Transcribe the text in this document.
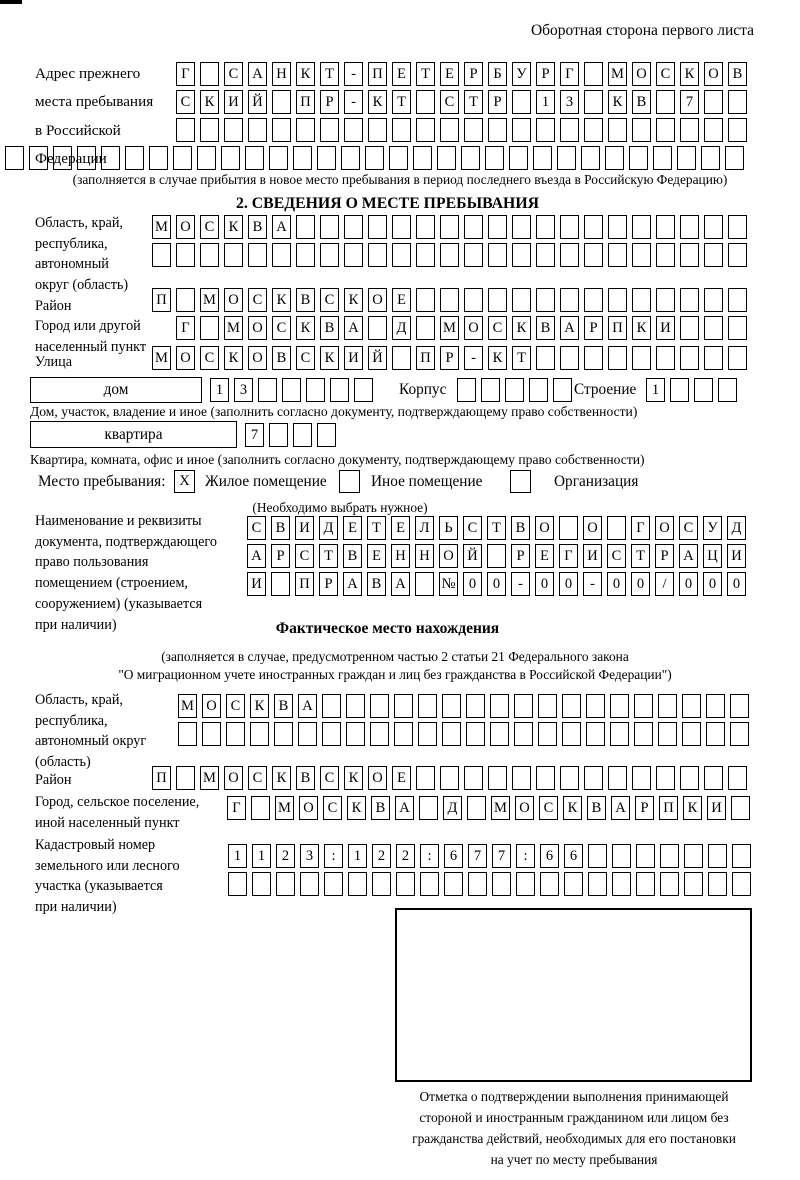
Оборотная сторона первого листа
Адрес прежнего
места пребывания
в Российской
Федерации
Г	С А Н К	Т	-	П Е	Т	Е	Р	Б	У	Р	Г	М О С К О В
С К И Й	П	Р	-	К	Т	С	Т	Р	1	3	К В	7
(заполняется в случае прибытия в новое место пребывания в период последнего въезда в Российскую Федерацию)
2. СВЕДЕНИЯ О МЕСТЕ ПРЕБЫВАНИЯ
Область, край,
республика,
автономный
округ (область)
М О С К В А
Район	П	М О С К В С К О Е
Город или другой
населенный пункт
Г	М О С К В А	Д	М О С К В А	Р	П К И
Улица	М О С К О В С К И Й	П	Р	-	К	Т
дом	1	3	Корпус	Строение	1
Дом, участок, владение и иное (заполнить согласно документу, подтверждающему право собственности)
квартира	7
Квартира, комната, офис и иное (заполнить согласно документу, подтверждающему право собственности)
Место пребывания: X Жилое помещение	Иное помещение	Организация
(Необходимо выбрать нужное)
Наименование и реквизиты
документа, подтверждающего
право пользования
помещением (строением,
сооружением) (указывается
при наличии)
С В И Д	Е	Т	Е	Л	Ь	С	Т	В О	О	Г	О С У Д
А	Р	С	Т	В	Е Н Н О Й	Р	Е	Г	И С	Т	Р	А Ц И
И	П	Р	А В А № 0	0	-	0	0	-	0	0	/	0	0	0
Фактическое место нахождения
(заполняется в случае, предусмотренном частью 2 статьи 21 Федерального закона
"О миграционном учете иностранных граждан и лиц без гражданства в Российской Федерации")
Область, край,
республика,
автономный округ
(область)
М О С К В А
Район	П	М О С К В С К О Е
Город, сельское поселение,
иной населенный пункт
Г	М О С К В А	Д	М О С К В А	Р	П К И
Кадастровый номер
земельного или лесного
участка (указывается
при наличии)
1	1	2	3	:	1	2	2	:	6	7	7	:	6	6
Отметка о подтверждении выполнения принимающей
стороной и иностранным гражданином или лицом без
гражданства действий, необходимых для его постановки
на учет по месту пребывания
